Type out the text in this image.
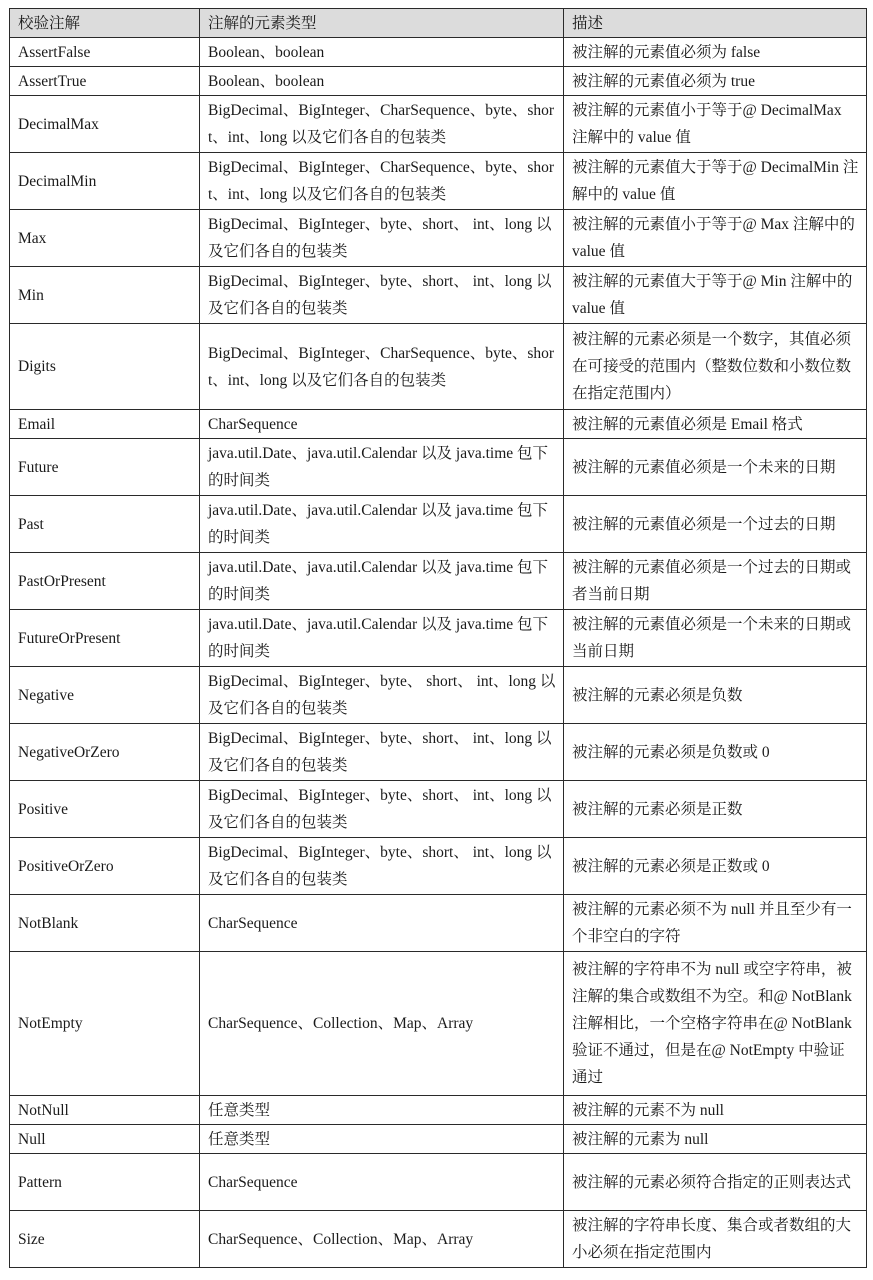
校验注解	注解的元素类型	描述
AssertFalse	Boolean、boolean	被注解的元素值必须为 false
AssertTrue	Boolean、boolean	被注解的元素值必须为 true
DecimalMax	BigDecimal、BigInteger、CharSequence、byte、short、int、long 以及它们各自的包装类	被注解的元素值小于等于@ DecimalMax 注解中的 value 值
DecimalMin	BigDecimal、BigInteger、CharSequence、byte、short、int、long 以及它们各自的包装类	被注解的元素值大于等于@ DecimalMin 注解中的 value 值
Max	BigDecimal、BigInteger、byte、short、 int、long 以及它们各自的包装类	被注解的元素值小于等于@ Max 注解中的 value 值
Min	BigDecimal、BigInteger、byte、short、 int、long 以及它们各自的包装类	被注解的元素值大于等于@ Min 注解中的 value 值
Digits	BigDecimal、BigInteger、CharSequence、byte、short、int、long 以及它们各自的包装类	被注解的元素必须是一个数字，其值必须在可接受的范围内（整数位数和小数位数在指定范围内）
Email	CharSequence	被注解的元素值必须是 Email 格式
Future	java.util.Date、java.util.Calendar 以及 java.time 包下的时间类	被注解的元素值必须是一个未来的日期
Past	java.util.Date、java.util.Calendar 以及 java.time 包下的时间类	被注解的元素值必须是一个过去的日期
PastOrPresent	java.util.Date、java.util.Calendar 以及 java.time 包下的时间类	被注解的元素值必须是一个过去的日期或者当前日期
FutureOrPresent	java.util.Date、java.util.Calendar 以及 java.time 包下的时间类	被注解的元素值必须是一个未来的日期或当前日期
Negative	BigDecimal、BigInteger、byte、 short、 int、long 以及它们各自的包装类	被注解的元素必须是负数
NegativeOrZero	BigDecimal、BigInteger、byte、short、 int、long 以及它们各自的包装类	被注解的元素必须是负数或 0
Positive	BigDecimal、BigInteger、byte、short、 int、long 以及它们各自的包装类	被注解的元素必须是正数
PositiveOrZero	BigDecimal、BigInteger、byte、short、 int、long 以及它们各自的包装类	被注解的元素必须是正数或 0
NotBlank	CharSequence	被注解的元素必须不为 null 并且至少有一个非空白的字符
NotEmpty	CharSequence、Collection、Map、Array	被注解的字符串不为 null 或空字符串，被注解的集合或数组不为空。和@ NotBlank 注解相比，一个空格字符串在@ NotBlank 验证不通过，但是在@ NotEmpty 中验证通过
NotNull	任意类型	被注解的元素不为 null
Null	任意类型	被注解的元素为 null
Pattern	CharSequence	被注解的元素必须符合指定的正则表达式
Size	CharSequence、Collection、Map、Array	被注解的字符串长度、集合或者数组的大小必须在指定范围内
